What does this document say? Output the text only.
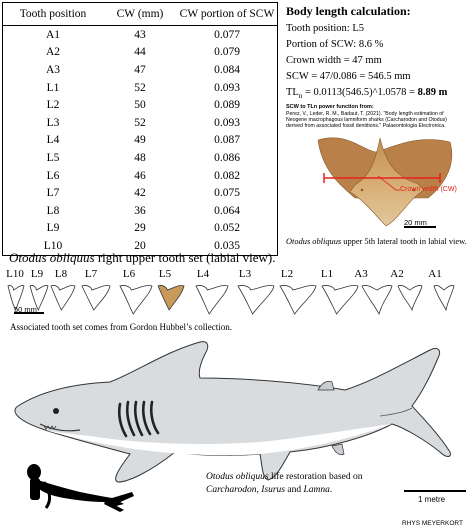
Tooth position	CW (mm)	CW portion of SCW
A1	43	0.077
A2	44	0.079
A3	47	0.084
L1	52	0.093
L2	50	0.089
L3	52	0.093
L4	49	0.087
L5	48	0.086
L6	46	0.082
L7	42	0.075
L8	36	0.064
L9	29	0.052
L10	20	0.035
Body length calculation:
Tooth position: L5
Portion of SCW: 8.6 %
Crown width = 47 mm
SCW = 47/0.086 = 546.5 mm
$TL_n$ = 0.0113(546.5)^1.0578 = 8.89 m
SCW to TLn power function from:
Perez, V., Leder, R. M., Badaut, T. (2021). "Body length estimation of
Neogene macrophagous lamniform sharks (Carcharodon and Otodus)
derived from associated fossil dentitions." Palaeontologia Electronica.
Crown width (CW)
20 mm
Otodus obliquus upper 5th lateral tooth in labial view.
Otodus obliquus right upper tooth set (labial view).
L10 L9	L8	L7	L6	L5	L4	L3	L2	L1	A3	A2	A1
50 mm
Associated tooth set comes from Gordon Hubbel’s collection.
Otodus obliquus life restoration based on
Carcharodon, Isurus and Lamna.
1 metre
RHYS MEYERKORT
